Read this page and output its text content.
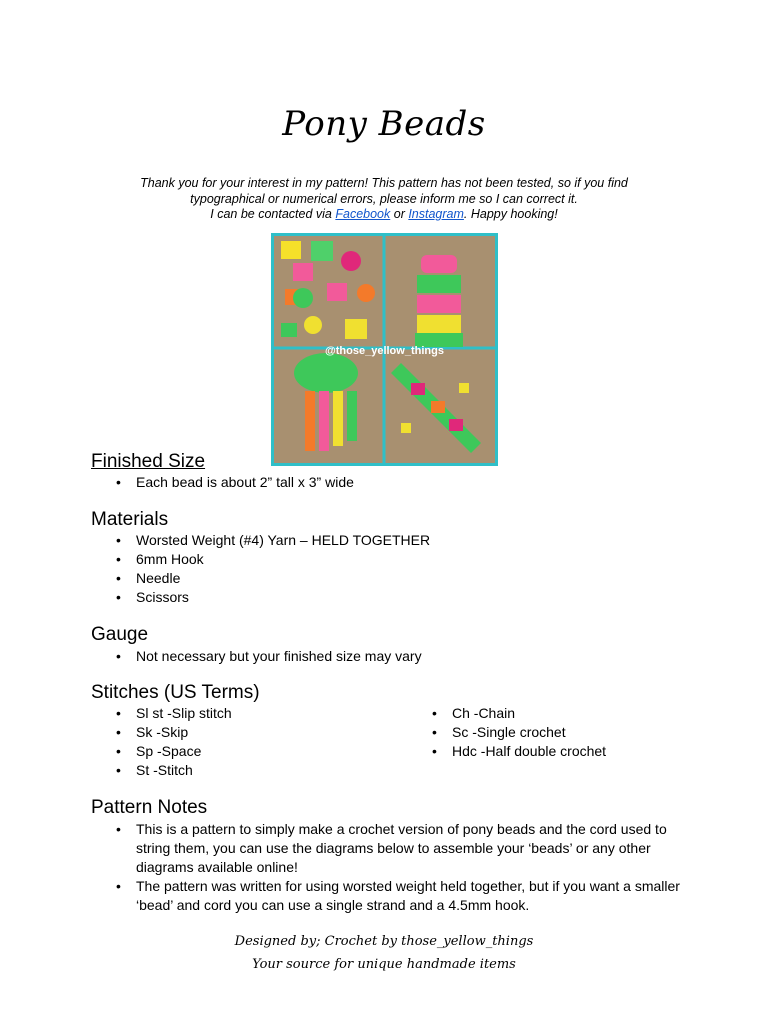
Pony Beads
Thank you for your interest in my pattern! This pattern has not been tested, so if you find
typographical or numerical errors, please inform me so I can correct it.
I can be contacted via Facebook or Instagram. Happy hooking!
@those_yellow_things
Finished Size
• Each bead is about 2” tall x 3” wide
Materials
• Worsted Weight (#4) Yarn – HELD TOGETHER
• 6mm Hook
• Needle
• Scissors
Gauge
• Not necessary but your finished size may vary
Stitches (US Terms)
• Sl st -Slip stitch
• Sk -Skip
• Sp -Space
• St -Stitch
• Ch -Chain
• Sc -Single crochet
• Hdc -Half double crochet
Pattern Notes
• This is a pattern to simply make a crochet version of pony beads and the cord used to string them, you can use the diagrams below to assemble your ‘beads’ or any other diagrams available online!
• The pattern was written for using worsted weight held together, but if you want a smaller ‘bead’ and cord you can use a single strand and a 4.5mm hook.
Designed by; Crochet by those_yellow_things
Your source for unique handmade items
